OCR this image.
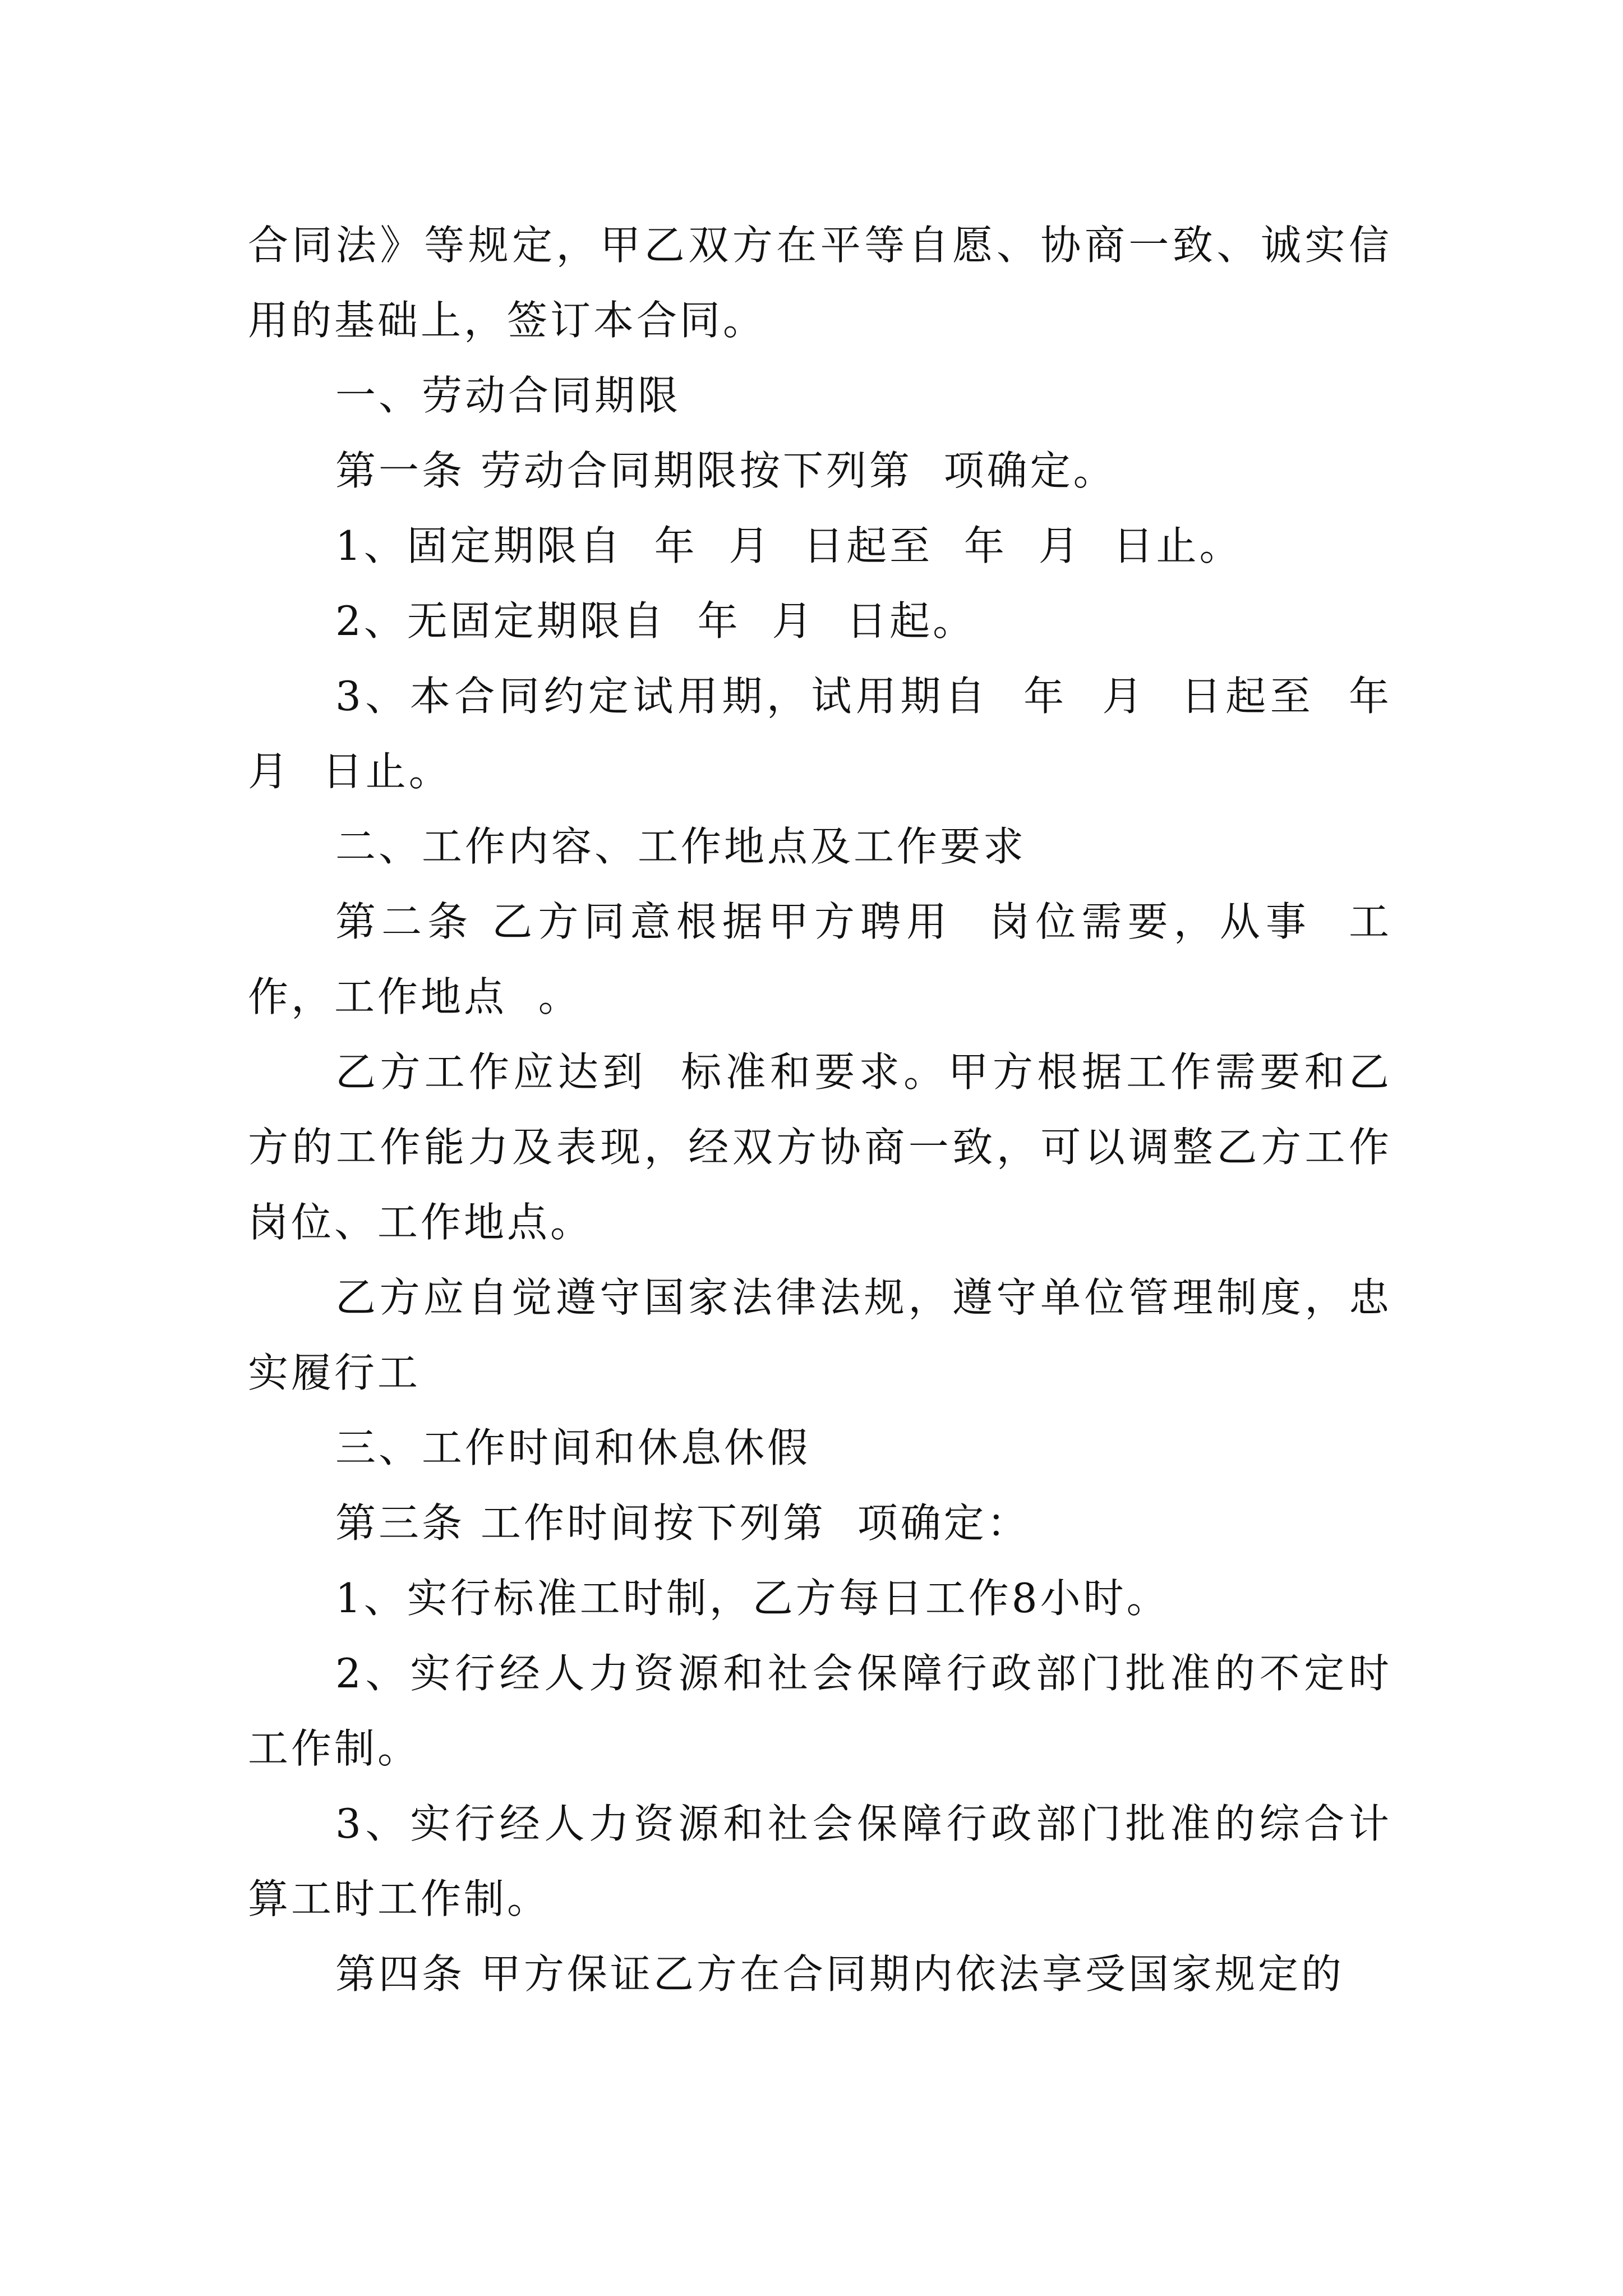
合同法》等规定，甲乙双方在平等自愿、协商一致、诚实信用的基础上，签订本合同。

一、劳动合同期限

第一条 劳动合同期限按下列第  项确定。

1、固定期限自  年  月  日起至  年  月  日止。

2、无固定期限自  年  月  日起。

3、本合同约定试用期，试用期自  年  月  日起至  年  月  日止。

二、工作内容、工作地点及工作要求

第二条 乙方同意根据甲方聘用  岗位需要，从事  工作，工作地点  。

乙方工作应达到  标准和要求。甲方根据工作需要和乙方的工作能力及表现，经双方协商一致，可以调整乙方工作岗位、工作地点。

乙方应自觉遵守国家法律法规，遵守单位管理制度，忠实履行工

三、工作时间和休息休假

第三条 工作时间按下列第  项确定：

1、实行标准工时制，乙方每日工作8小时。

2、实行经人力资源和社会保障行政部门批准的不定时工作制。

3、实行经人力资源和社会保障行政部门批准的综合计算工时工作制。

第四条 甲方保证乙方在合同期内依法享受国家规定的
